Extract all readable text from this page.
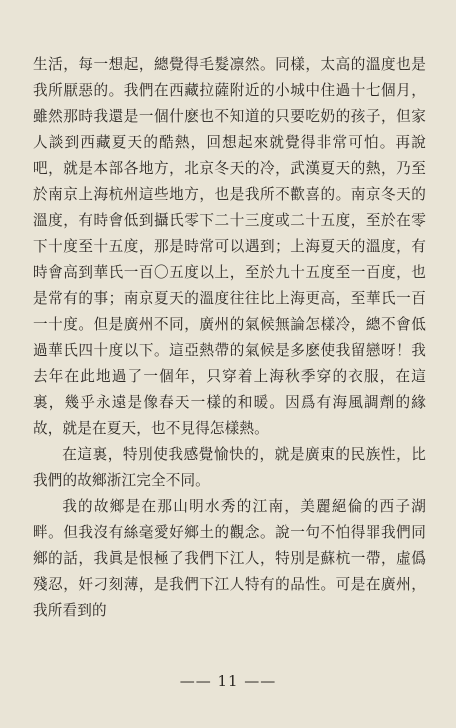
生活，每一想起，總覺得毛髮凛然。同樣，太高的溫度也是我所厭惡的。我們在西藏拉薩附近的小城中住過十七個月，雖然那時我還是一個什麽也不知道的只要吃奶的孩子，但家人談到西藏夏天的酷熱，回想起來就覺得非常可怕。再說吧，就是本部各地方，北京冬天的冷，武漢夏天的熱，乃至於南京上海杭州這些地方，也是我所不歡喜的。南京冬天的溫度，有時會低到攝氏零下二十三度或二十五度，至於在零下十度至十五度，那是時常可以遇到；上海夏天的溫度，有時會高到華氏一百〇五度以上，至於九十五度至一百度，也是常有的事；南京夏天的溫度往往比上海更高，至華氏一百一十度。但是廣州不同，廣州的氣候無論怎樣冷，總不會低過華氏四十度以下。這亞熱帶的氣候是多麽使我留戀呀！我去年在此地過了一個年，只穿着上海秋季穿的衣服，在這裏，幾乎永遠是像春天一樣的和暖。因爲有海風調劑的緣故，就是在夏天，也不見得怎樣熱。

在這裏，特別使我感覺愉快的，就是廣東的民族性，比我們的故鄉浙江完全不同。

我的故鄉是在那山明水秀的江南，美麗絕倫的西子湖畔。但我沒有絲毫愛好鄉土的觀念。說一句不怕得罪我們同鄉的話，我眞是恨極了我們下江人，特別是蘇杭一帶，虛僞殘忍，奸刁刻薄，是我們下江人特有的品性。可是在廣州，我所看到的

—— 11 ——
